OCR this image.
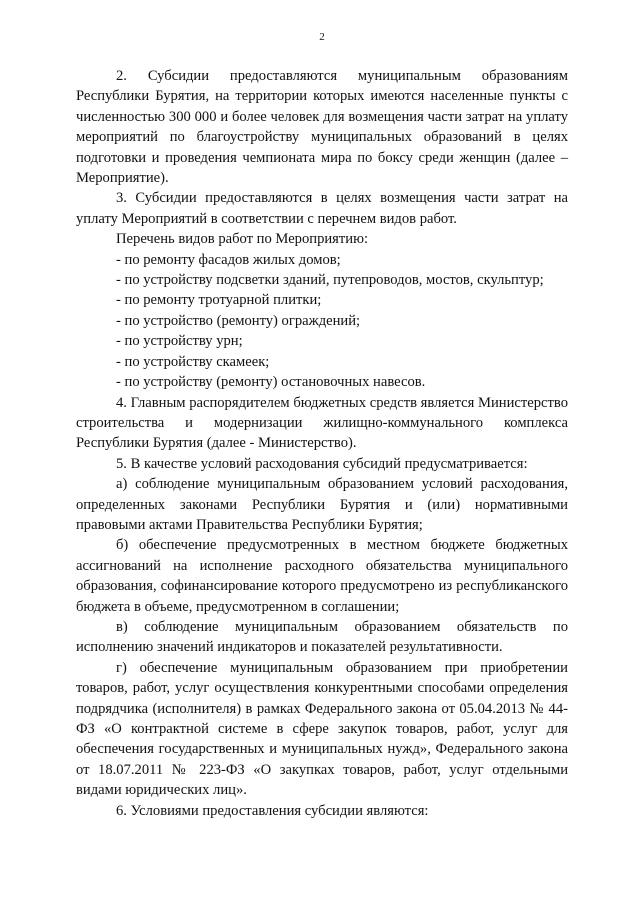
2

2. Субсидии предоставляются муниципальным образованиям Республики Бурятия, на территории которых имеются населенные пункты с численностью 300 000 и более человек для возмещения части затрат на уплату мероприятий по благоустройству муниципальных образований в целях подготовки и проведения чемпионата мира по боксу среди женщин (далее – Мероприятие).

3. Субсидии предоставляются в целях возмещения части затрат на уплату Мероприятий в соответствии с перечнем видов работ.

Перечень видов работ по Мероприятию:

- по ремонту фасадов жилых домов;

- по устройству подсветки зданий, путепроводов, мостов, скульптур;

- по ремонту тротуарной плитки;

- по устройство (ремонту) ограждений;

- по устройству урн;

- по устройству скамеек;

- по устройству (ремонту) остановочных навесов.

4. Главным распорядителем бюджетных средств является Министерство строительства и модернизации жилищно-коммунального комплекса Республики Бурятия (далее - Министерство).

5. В качестве условий расходования субсидий предусматривается:

а) соблюдение муниципальным образованием условий расходования, определенных законами Республики Бурятия и (или) нормативными правовыми актами Правительства Республики Бурятия;

б) обеспечение предусмотренных в местном бюджете бюджетных ассигнований на исполнение расходного обязательства муниципального образования, софинансирование которого предусмотрено из республиканского бюджета в объеме, предусмотренном в соглашении;

в) соблюдение муниципальным образованием обязательств по исполнению значений индикаторов и показателей результативности.

г) обеспечение муниципальным образованием при приобретении товаров, работ, услуг осуществления конкурентными способами определения подрядчика (исполнителя) в рамках Федерального закона от 05.04.2013 № 44-ФЗ «О контрактной системе в сфере закупок товаров, работ, услуг для обеспечения государственных и муниципальных нужд», Федерального закона от 18.07.2011 № 223-ФЗ «О закупках товаров, работ, услуг отдельными видами юридических лиц».

6. Условиями предоставления субсидии являются:
